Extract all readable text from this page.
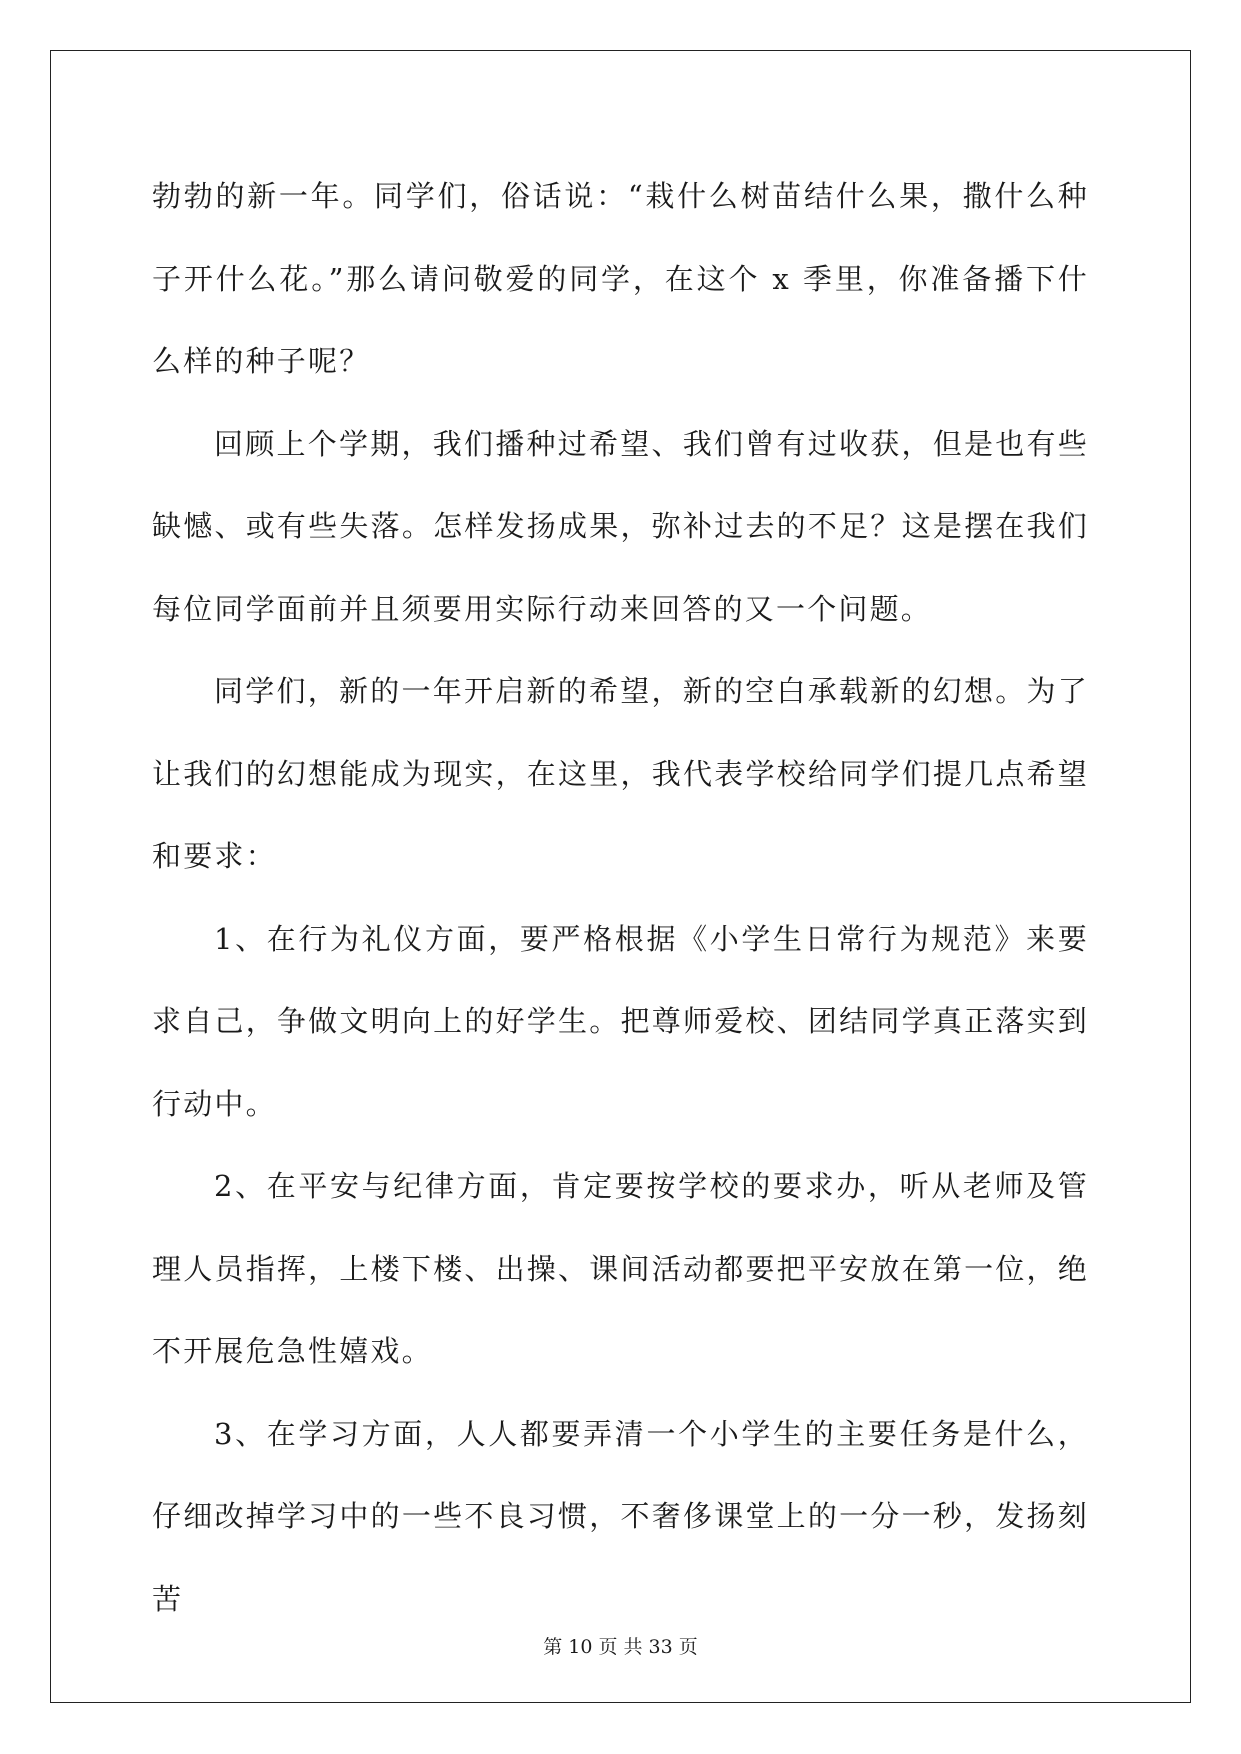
勃勃的新一年。同学们，俗话说：“栽什么树苗结什么果，撒什么种子开什么花。”那么请问敬爱的同学，在这个 x 季里，你准备播下什么样的种子呢？

回顾上个学期，我们播种过希望、我们曾有过收获，但是也有些缺憾、或有些失落。怎样发扬成果，弥补过去的不足？这是摆在我们每位同学面前并且须要用实际行动来回答的又一个问题。

同学们，新的一年开启新的希望，新的空白承载新的幻想。为了让我们的幻想能成为现实，在这里，我代表学校给同学们提几点希望和要求：

1、在行为礼仪方面，要严格根据《小学生日常行为规范》来要求自己，争做文明向上的好学生。把尊师爱校、团结同学真正落实到行动中。

2、在平安与纪律方面，肯定要按学校的要求办，听从老师及管理人员指挥，上楼下楼、出操、课间活动都要把平安放在第一位，绝不开展危急性嬉戏。

3、在学习方面，人人都要弄清一个小学生的主要任务是什么，仔细改掉学习中的一些不良习惯，不奢侈课堂上的一分一秒，发扬刻苦

第 10 页 共 33 页
